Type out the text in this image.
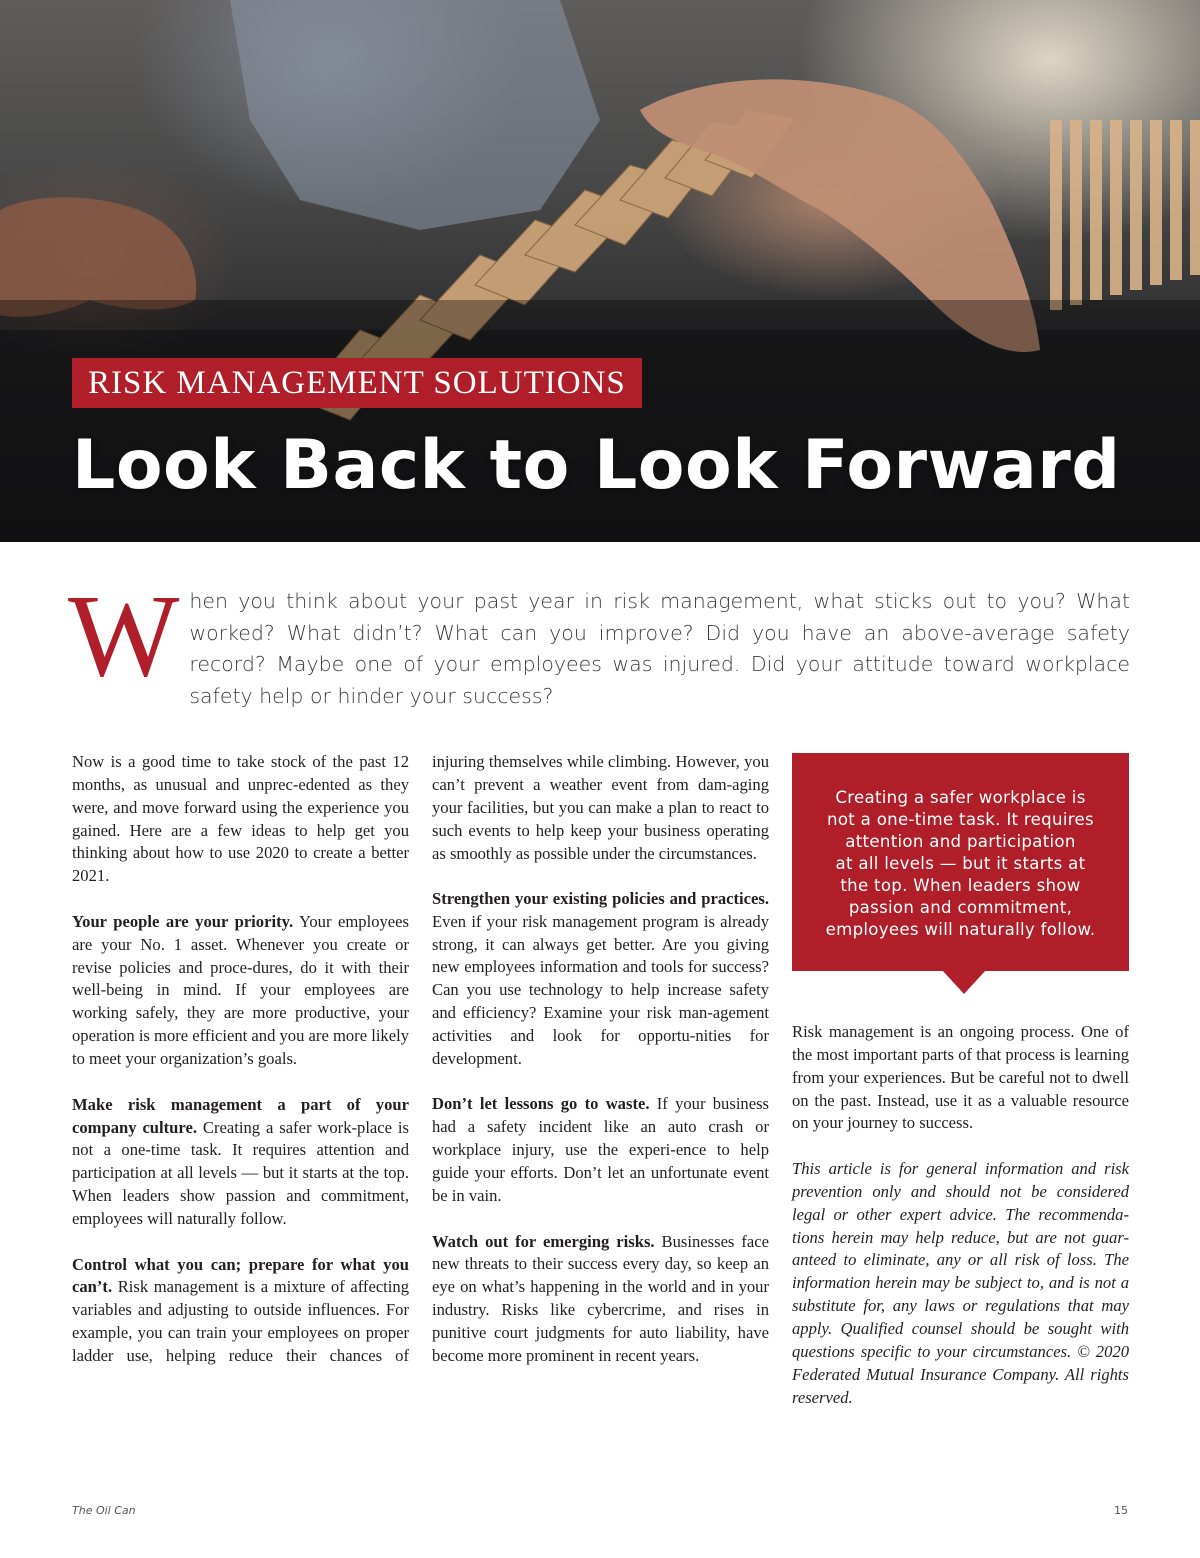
RISK MANAGEMENT SOLUTIONS
Look Back to Look Forward

When you think about your past year in risk management, what sticks out to you? What worked? What didn’t? What can you improve? Did you have an above-average safety record? Maybe one of your employees was injured. Did your attitude toward workplace safety help or hinder your success?

Now is a good time to take stock of the past 12 months, as unusual and unprec-edented as they were, and move forward using the experience you gained. Here are a few ideas to help get you thinking about how to use 2020 to create a better 2021.

Your people are your priority. Your employees are your No. 1 asset. Whenever you create or revise policies and proce-dures, do it with their well-being in mind. If your employees are working safely, they are more productive, your operation is more efficient and you are more likely to meet your organization’s goals.

Make risk management a part of your company culture. Creating a safer work-place is not a one-time task. It requires attention and participation at all levels — but it starts at the top. When leaders show passion and commitment, employees will naturally follow.

Control what you can; prepare for what you can’t. Risk management is a mixture of affecting variables and adjusting to outside influences. For example, you can train your employees on proper ladder use, helping reduce their chances of

injuring themselves while climbing. However, you can’t prevent a weather event from dam-aging your facilities, but you can make a plan to react to such events to help keep your business operating as smoothly as possible under the circumstances.

Strengthen your existing policies and practices. Even if your risk management program is already strong, it can always get better. Are you giving new employees information and tools for success? Can you use technology to help increase safety and efficiency? Examine your risk man-agement activities and look for opportu-nities for development.

Don’t let lessons go to waste. If your business had a safety incident like an auto crash or workplace injury, use the experi-ence to help guide your efforts. Don’t let an unfortunate event be in vain.

Watch out for emerging risks. Businesses face new threats to their success every day, so keep an eye on what’s happening in the world and in your industry. Risks like cybercrime, and rises in punitive court judgments for auto liability, have become more prominent in recent years.

Creating a safer workplace is
not a one-time task. It requires
attention and participation
at all levels — but it starts at
the top. When leaders show
passion and commitment,
employees will naturally follow.

Risk management is an ongoing process. One of the most important parts of that process is learning from your experiences. But be careful not to dwell on the past. Instead, use it as a valuable resource on your journey to success.

This article is for general information and risk prevention only and should not be considered legal or other expert advice. The recommenda-tions herein may help reduce, but are not guar-anteed to eliminate, any or all risk of loss. The information herein may be subject to, and is not a substitute for, any laws or regulations that may apply. Qualified counsel should be sought with questions specific to your circumstances. © 2020 Federated Mutual Insurance Company. All rights reserved.

The Oil Can	15
